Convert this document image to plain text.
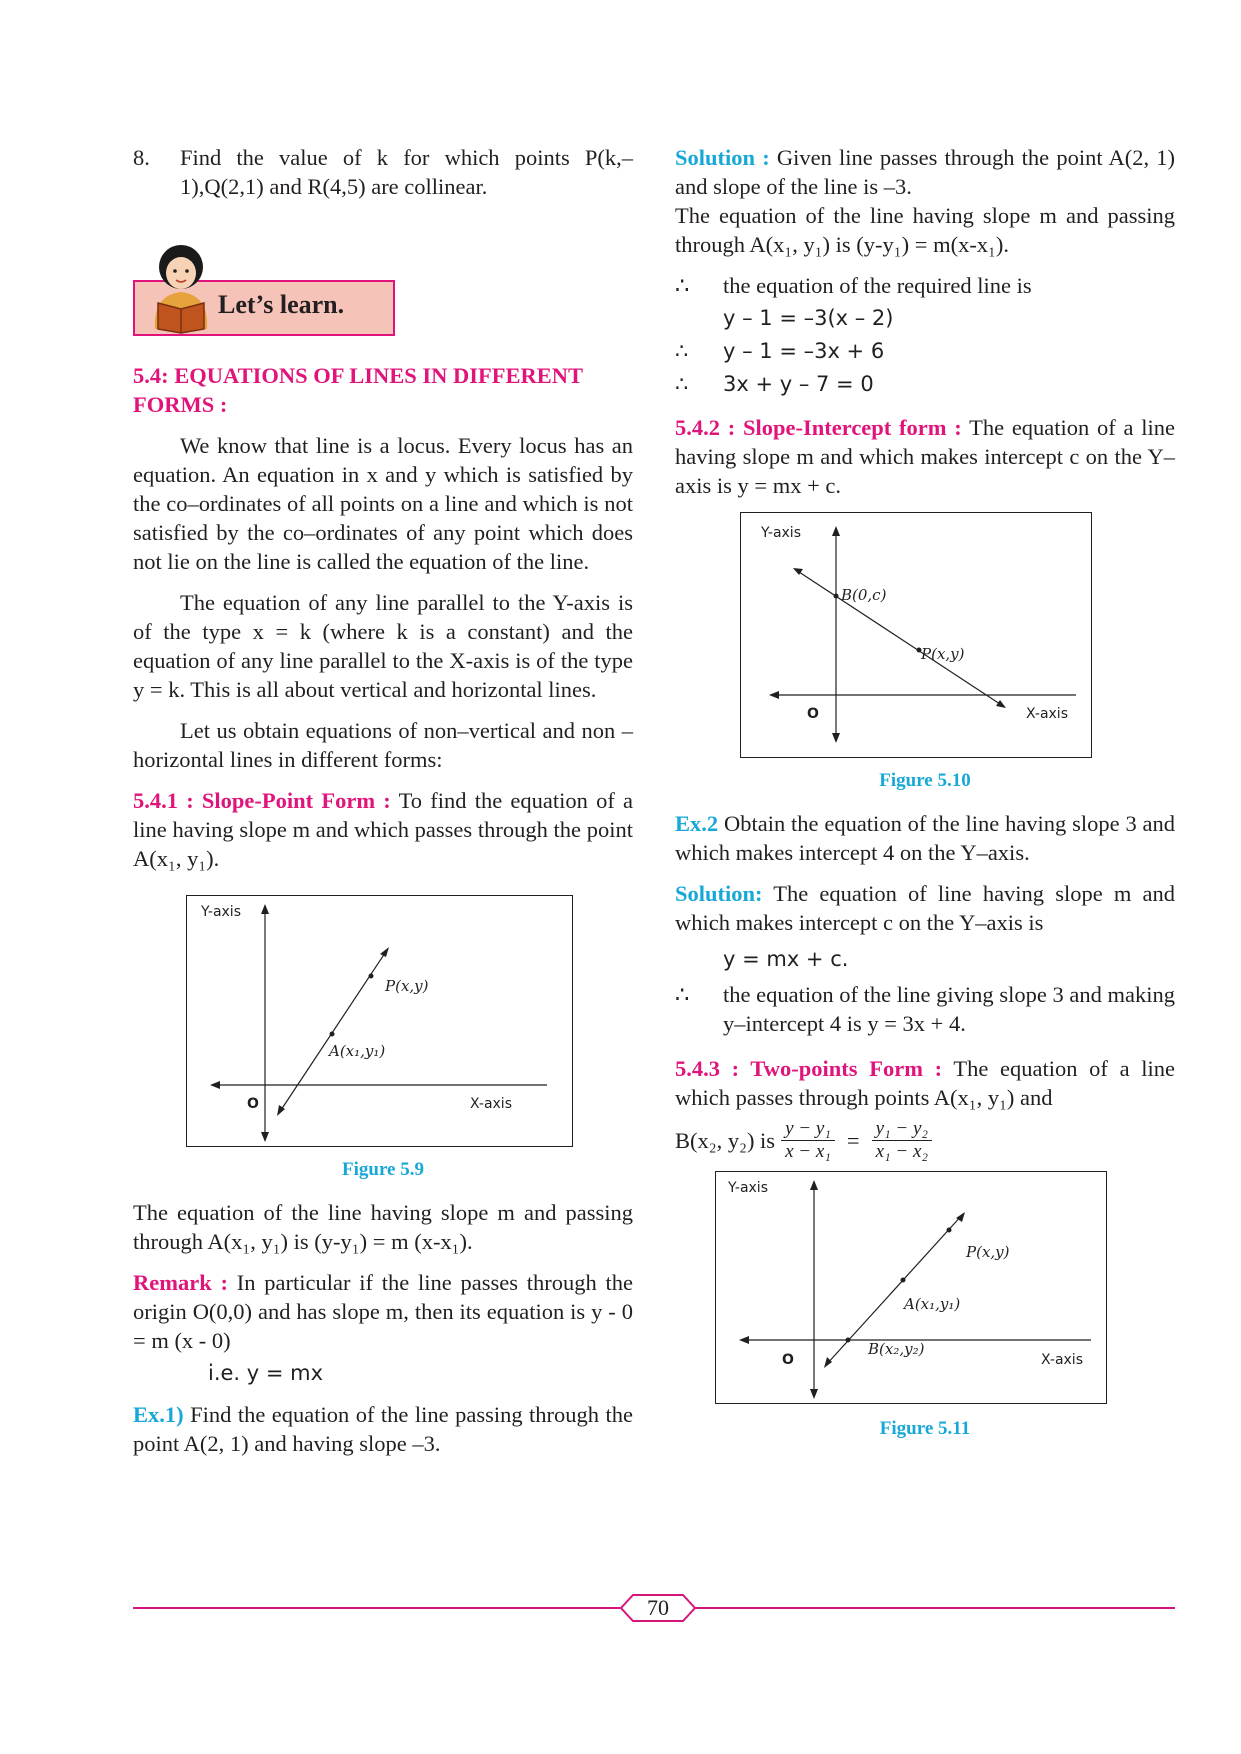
8.	Find the value of k for which points P(k,–1),Q(2,1) and R(4,5) are collinear.

Let’s learn.

5.4: EQUATIONS OF LINES IN DIFFERENT FORMS :

We know that line is a locus. Every locus has an equation. An equation in x and y which is satisfied by the co–ordinates of all points on a line and which is not satisfied by the co–ordinates of any point which does not lie on the line is called the equation of the line.

The equation of any line parallel to the Y-axis is of the type x = k (where k is a constant) and the equation of any line parallel to the X-axis is of the type y = k. This is all about vertical and horizontal lines.

Let us obtain equations of non–vertical and non –horizontal lines in different forms:

5.4.1 : Slope-Point Form : To find the equation of a line having slope m and which passes through the point A(x₁, y₁).

Y-axis
X-axis
O
P(x,y)
A(x₁,y₁)

Figure 5.9

The equation of the line having slope m and passing through A(x₁, y₁) is (y-y₁) = m (x-x₁).

Remark : In particular if the line passes through the origin O(0,0) and has slope m, then its equation is y - 0 = m (x - 0)

i.e. y = mx

Ex.1) Find the equation of the line passing through the point A(2, 1) and having slope –3.

Solution : Given line passes through the point A(2, 1) and slope of the line is –3.

The equation of the line having slope m and passing through A(x₁, y₁) is (y-y₁) = m(x-x₁).

∴	the equation of the required line is

y – 1 = –3(x – 2)

∴	y – 1 = –3x + 6
∴	3x + y – 7 = 0

5.4.2 : Slope-Intercept form : The equation of a line having slope m and which makes intercept c on the Y–axis is y = mx + c.

Y-axis
X-axis
O
B(0,c)
P(x,y)

Figure 5.10

Ex.2 Obtain the equation of the line having slope 3 and which makes intercept 4 on the Y–axis.

Solution: The equation of line having slope m and which makes intercept c on the Y–axis is

y = mx + c.

∴	the equation of the line giving slope 3 and making y–intercept 4 is y = 3x + 4.

5.4.3 : Two-points Form : The equation of a line which passes through points A(x₁, y₁) and

B(x₂, y₂) is $\frac{\text{y − y₁}}{\text{x − x₁}} = \frac{\text{y₁ − y₂}}{\text{x₁ − x₂}}$
Y-axis
X-axis
O
P(x,y)
A(x₁,y₁)
B(x₂,y₂)

Figure 5.11

70
